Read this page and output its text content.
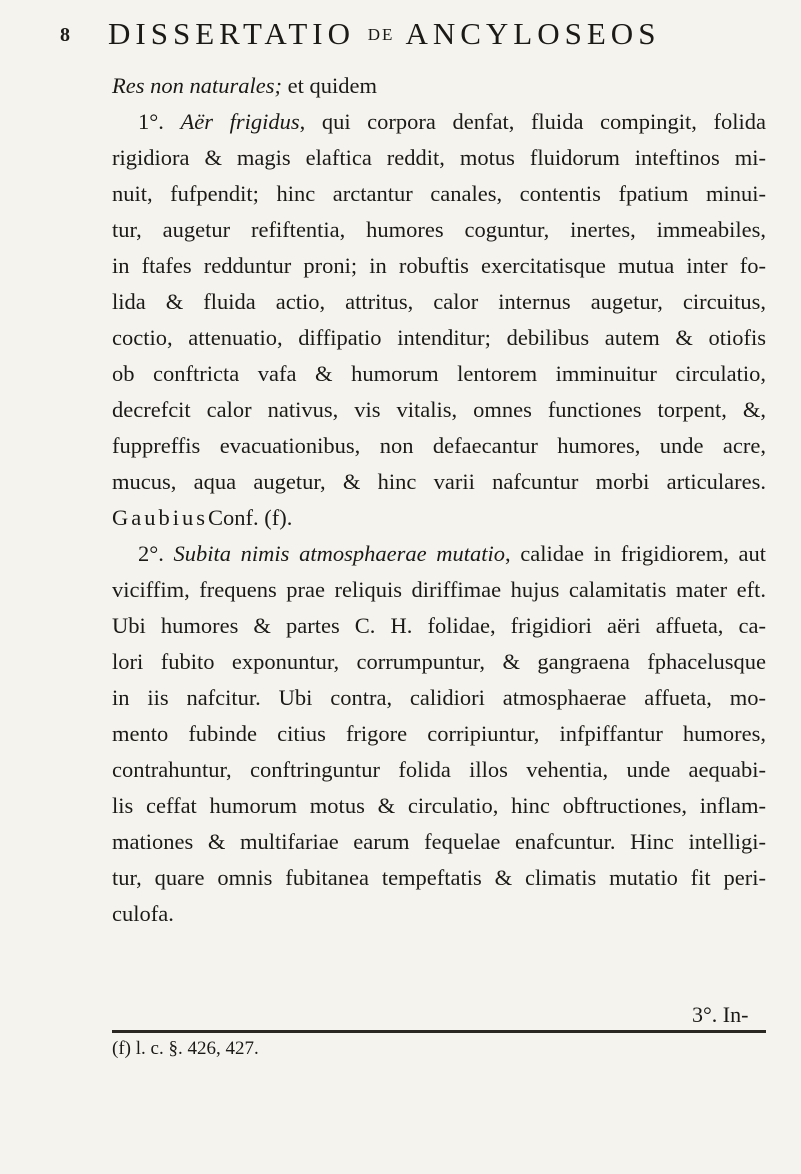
8 DISSERTATIO DE ANCYLOSEOS
Res non naturales; et quidem
1°. Aër frigidus, qui corpora denfat, fluida compingit, folida
rigidiora & magis elaftica reddit, motus fluidorum inteftinos mi-
nuit, fufpendit; hinc arctantur canales, contentis fpatium minui-
tur, augetur refiftentia, humores coguntur, inertes, immeabiles,
in ftafes redduntur proni; in robuftis exercitatisque mutua inter fo-
lida & fluida actio, attritus, calor internus augetur, circuitus,
coctio, attenuatio, diffipatio intenditur; debilibus autem & otiofis
ob conftricta vafa & humorum lentorem imminuitur circulatio,
decrefcit calor nativus, vis vitalis, omnes functiones torpent, &,
fuppreffis evacuationibus, non defaecantur humores, unde acre,
mucus, aqua augetur, & hinc varii nafcuntur morbi articulares.
GaubiusConf. (f).
2°. Subita nimis atmosphaerae mutatio, calidae in frigidiorem, aut
viciffim, frequens prae reliquis diriffimae hujus calamitatis mater eft.
Ubi humores & partes C. H. folidae, frigidiori aëri affueta, ca-
lori fubito exponuntur, corrumpuntur, & gangraena fphacelusque
in iis nafcitur. Ubi contra, calidiori atmosphaerae affueta, mo-
mento fubinde citius frigore corripiuntur, infpiffantur humores,
contrahuntur, conftringuntur folida illos vehentia, unde aequabi-
lis ceffat humorum motus & circulatio, hinc obftructiones, inflam-
mationes & multifariae earum fequelae enafcuntur. Hinc intelligi-
tur, quare omnis fubitanea tempeftatis & climatis mutatio fit peri-
culofa.
3°. In-
(f) l. c. §. 426, 427.
